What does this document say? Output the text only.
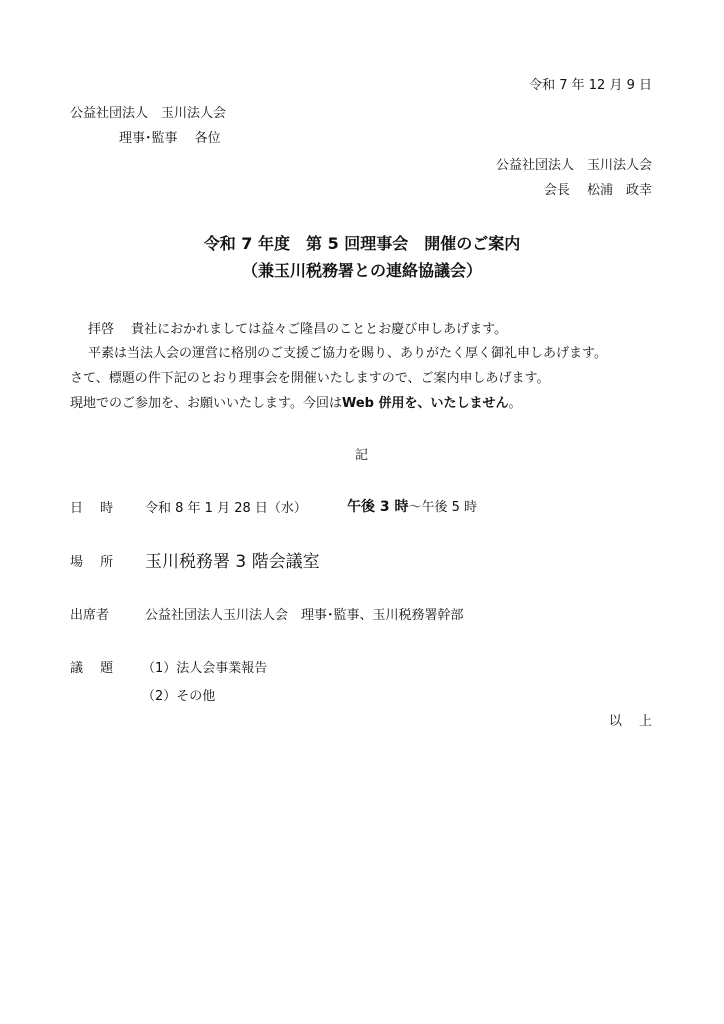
令和 7 年 12 月 9 日
公益社団法人　玉川法人会
理事･監事　 各位
公益社団法人　玉川法人会
会長　 松浦　政幸
令和 7 年度　第 5 回理事会　開催のご案内
（兼玉川税務署との連絡協議会）
拝啓　 貴社におかれましては益々ご隆昌のこととお慶び申しあげます。
平素は当法人会の運営に格別のご支援ご協力を賜り、ありがたく厚く御礼申しあげます。
さて、標題の件下記のとおり理事会を開催いたしますので、ご案内申しあげます。
現地でのご参加を、お願いいたします。今回はWeb 併用を、いたしません。
記
日　 時 令和 8 年 1 月 28 日（水）	午後 3 時～午後 5 時
場　 所 玉川税務署 3 階会議室
出席者	公益社団法人玉川法人会　理事･監事、玉川税務署幹部
議　 題 （1）法人会事業報告
（2）その他
以　 上
